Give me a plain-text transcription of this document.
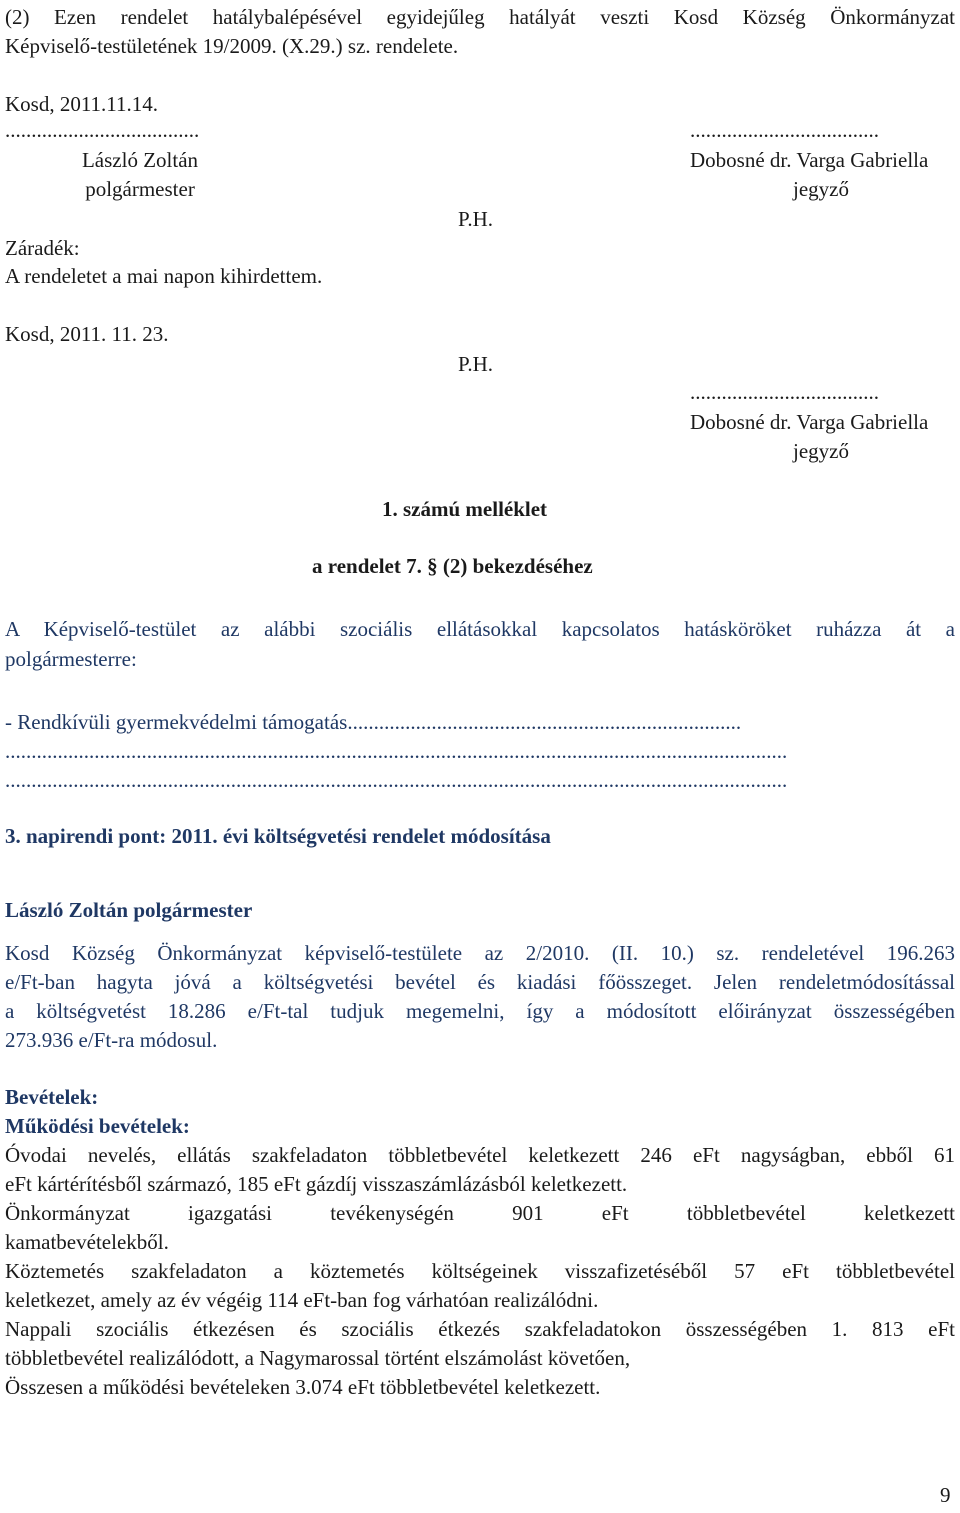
(2) Ezen rendelet hatálybalépésével egyidejűleg hatályát veszti Kosd Község Önkormányzat
Képviselő-testületének 19/2009. (X.29.) sz. rendelete.
Kosd, 2011.11.14.
.....................................	....................................
László Zoltán
polgármester
Dobosné dr. Varga Gabriella
jegyző
P.H.
Záradék:
A rendeletet a mai napon kihirdettem.
Kosd, 2011. 11. 23.
P.H.
....................................
Dobosné dr. Varga Gabriella
jegyző
1. számú melléklet
a rendelet 7. § (2) bekezdéséhez
A Képviselő-testület az alábbi szociális ellátásokkal kapcsolatos hatásköröket ruházza át a
polgármesterre:
- Rendkívüli gyermekvédelmi támogatás...........................................................................
.....................................................................................................................................................
.....................................................................................................................................................
3. napirendi pont: 2011. évi költségvetési rendelet módosítása
László Zoltán polgármester
Kosd Község Önkormányzat képviselő-testülete az 2/2010. (II. 10.) sz. rendeletével 196.263
e/Ft-ban hagyta jóvá a költségvetési bevétel és kiadási főösszeget. Jelen rendeletmódosítással
a költségvetést 18.286 e/Ft-tal tudjuk megemelni, így a módosított előirányzat összességében
273.936 e/Ft-ra módosul.
Bevételek:
Működési bevételek:
Óvodai nevelés, ellátás szakfeladaton többletbevétel keletkezett 246 eFt nagyságban, ebből 61
eFt kártérítésből származó, 185 eFt gázdíj visszaszámlázásból keletkezett.
Önkormányzat igazgatási tevékenységén 901 eFt többletbevétel keletkezett
kamatbevételekből.
Köztemetés szakfeladaton a köztemetés költségeinek visszafizetéséből 57 eFt többletbevétel
keletkezet, amely az év végéig 114 eFt-ban fog várhatóan realizálódni.
Nappali szociális étkezésen és szociális étkezés szakfeladatokon összességében 1. 813 eFt
többletbevétel realizálódott, a Nagymarossal történt elszámolást követően,
Összesen a működési bevételeken 3.074 eFt többletbevétel keletkezett.
9
